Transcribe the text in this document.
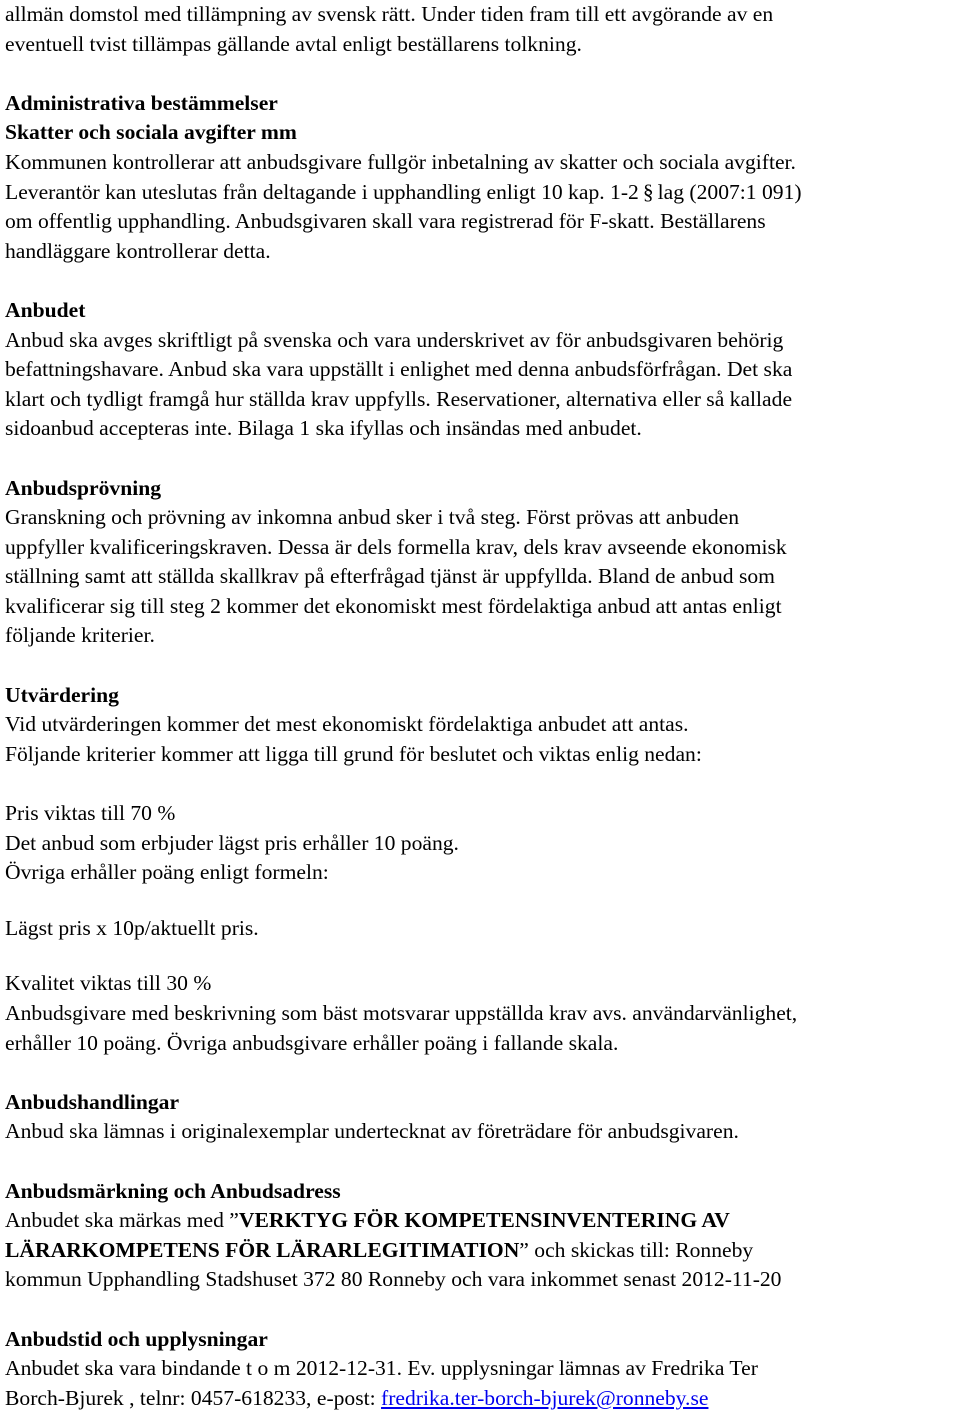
allmän domstol med tillämpning av svensk rätt. Under tiden fram till ett avgörande av en

eventuell tvist tillämpas gällande avtal enligt beställarens tolkning.

Administrativa bestämmelser

Skatter och sociala avgifter mm

Kommunen kontrollerar att anbudsgivare fullgör inbetalning av skatter och sociala avgifter.

Leverantör kan uteslutas från deltagande i upphandling enligt 10 kap. 1-2 § lag (2007:1 091)

om offentlig upphandling. Anbudsgivaren skall vara registrerad för F-skatt. Beställarens

handläggare kontrollerar detta.

Anbudet

Anbud ska avges skriftligt på svenska och vara underskrivet av för anbudsgivaren behörig

befattningshavare. Anbud ska vara uppställt i enlighet med denna anbudsförfrågan. Det ska

klart och tydligt framgå hur ställda krav uppfylls. Reservationer, alternativa eller så kallade

sidoanbud accepteras inte. Bilaga 1 ska ifyllas och insändas med anbudet.

Anbudsprövning

Granskning och prövning av inkomna anbud sker i två steg. Först prövas att anbuden

uppfyller kvalificeringskraven. Dessa är dels formella krav, dels krav avseende ekonomisk

ställning samt att ställda skallkrav på efterfrågad tjänst är uppfyllda. Bland de anbud som

kvalificerar sig till steg 2 kommer det ekonomiskt mest fördelaktiga anbud att antas enligt

följande kriterier.

Utvärdering

Vid utvärderingen kommer det mest ekonomiskt fördelaktiga anbudet att antas.

Följande kriterier kommer att ligga till grund för beslutet och viktas enlig nedan:

Pris viktas till 70 %

Det anbud som erbjuder lägst pris erhåller 10 poäng.

Övriga erhåller poäng enligt formeln:

Lägst pris x 10p/aktuellt pris.

Kvalitet viktas till 30 %

Anbudsgivare med beskrivning som bäst motsvarar uppställda krav avs. användarvänlighet,

erhåller 10 poäng. Övriga anbudsgivare erhåller poäng i fallande skala.

Anbudshandlingar

Anbud ska lämnas i originalexemplar undertecknat av företrädare för anbudsgivaren.

Anbudsmärkning och Anbudsadress

Anbudet ska märkas med ”VERKTYG FÖR KOMPETENSINVENTERING AV

LÄRARKOMPETENS FÖR LÄRARLEGITIMATION” och skickas till: Ronneby

kommun Upphandling Stadshuset 372 80 Ronneby och vara inkommet senast 2012-11-20

Anbudstid och upplysningar

Anbudet ska vara bindande t o m 2012-12-31. Ev. upplysningar lämnas av Fredrika Ter

Borch-Bjurek , telnr: 0457-618233, e-post: fredrika.ter-borch-bjurek@ronneby.se
